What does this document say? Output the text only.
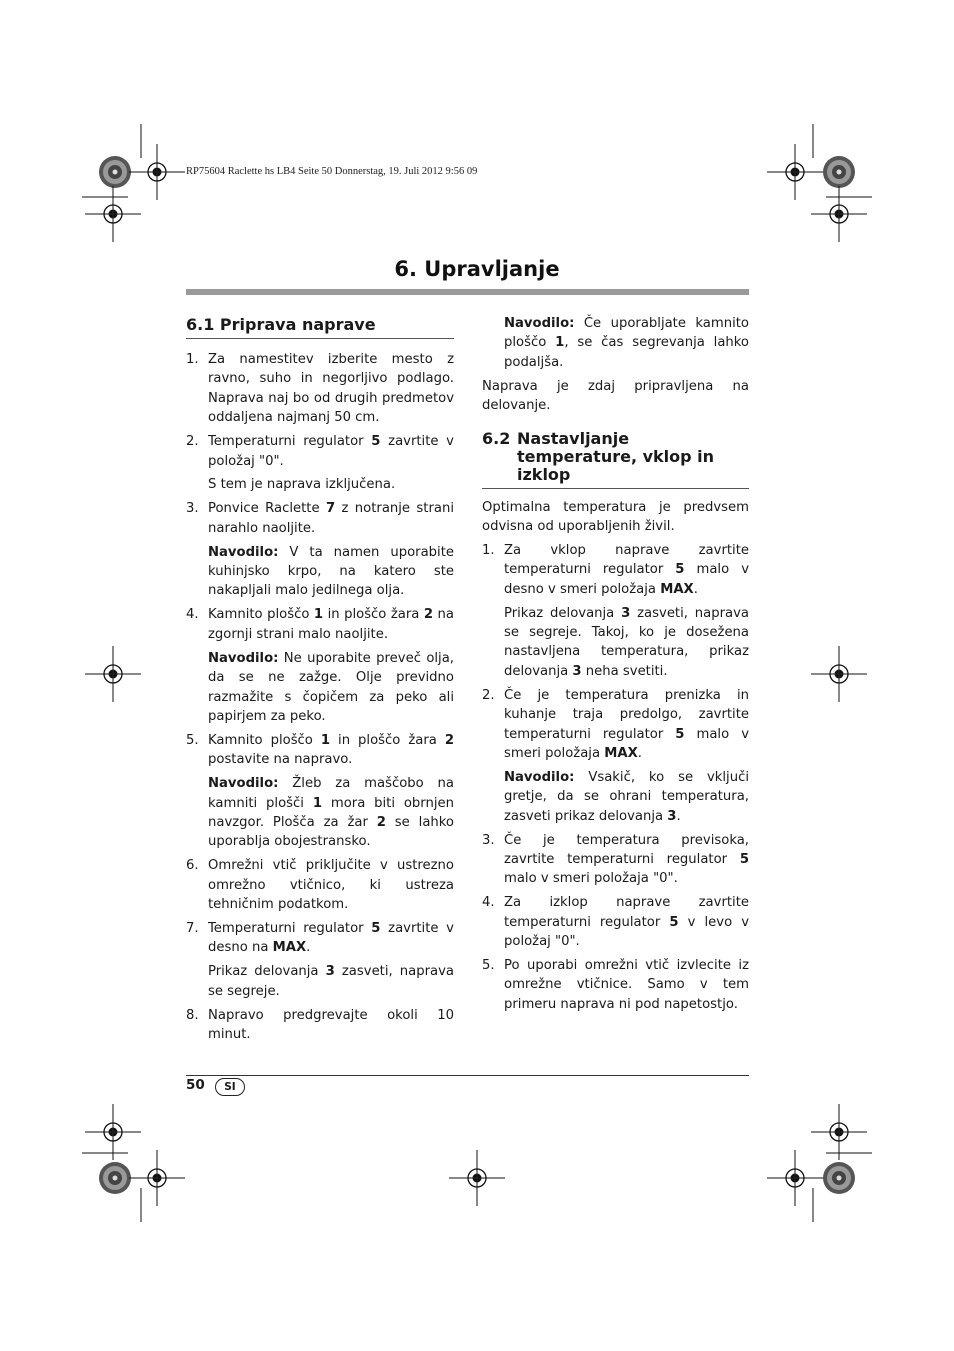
RP75604 Raclette hs LB4 Seite 50 Donnerstag, 19. Juli 2012 9:56 09
6. Upravljanje
6.1 Priprava naprave
1. Za namestitev izberite mesto z ravno, suho in negorljivo podlago. Naprava naj bo od drugih predmetov oddaljena najmanj 50 cm.
2. Temperaturni regulator 5 zavrtite v položaj "0".

S tem je naprava izključena.

3. Ponvice Raclette 7 z notranje strani narahlo naoljite.

Navodilo: V ta namen uporabite kuhinjsko krpo, na katero ste nakapljali malo jedilnega olja.

4. Kamnito ploščo 1 in ploščo žara 2 na zgornji strani malo naoljite.

Navodilo: Ne uporabite preveč olja, da se ne zažge. Olje previdno razmažite s čopičem za peko ali papirjem za peko.

5. Kamnito ploščo 1 in ploščo žara 2 postavite na napravo.

Navodilo: Žleb za maščobo na kamniti plošči 1 mora biti obrnjen navzgor. Plošča za žar 2 se lahko uporablja obojestransko.

6. Omrežni vtič priključite v ustrezno omrežno vtičnico, ki ustreza tehničnim podatkom.
7. Temperaturni regulator 5 zavrtite v desno na MAX.

Prikaz delovanja 3 zasveti, naprava se segreje.

8. Napravo predgrevajte okoli 10 minut.

Navodilo: Če uporabljate kamnito ploščo 1, se čas segrevanja lahko podaljša.

Naprava je zdaj pripravljena na delovanje.

6.2 Nastavljanje temperature, vklop in izklop

Optimalna temperatura je predvsem odvisna od uporabljenih živil.

1. Za vklop naprave zavrtite temperaturni regulator 5 malo v desno v smeri položaja MAX.

Prikaz delovanja 3 zasveti, naprava se segreje. Takoj, ko je dosežena nastavljena temperatura, prikaz delovanja 3 neha svetiti.

2. Če je temperatura prenizka in kuhanje traja predolgo, zavrtite temperaturni regulator 5 malo v smeri položaja MAX.

Navodilo: Vsakič, ko se vključi gretje, da se ohrani temperatura, zasveti prikaz delovanja 3.

3. Če je temperatura previsoka, zavrtite temperaturni regulator 5 malo v smeri položaja "0".
4. Za izklop naprave zavrtite temperaturni regulator 5 v levo v položaj "0".
5. Po uporabi omrežni vtič izvlecite iz omrežne vtičnice. Samo v tem primeru naprava ni pod napetostjo.
50	SI
